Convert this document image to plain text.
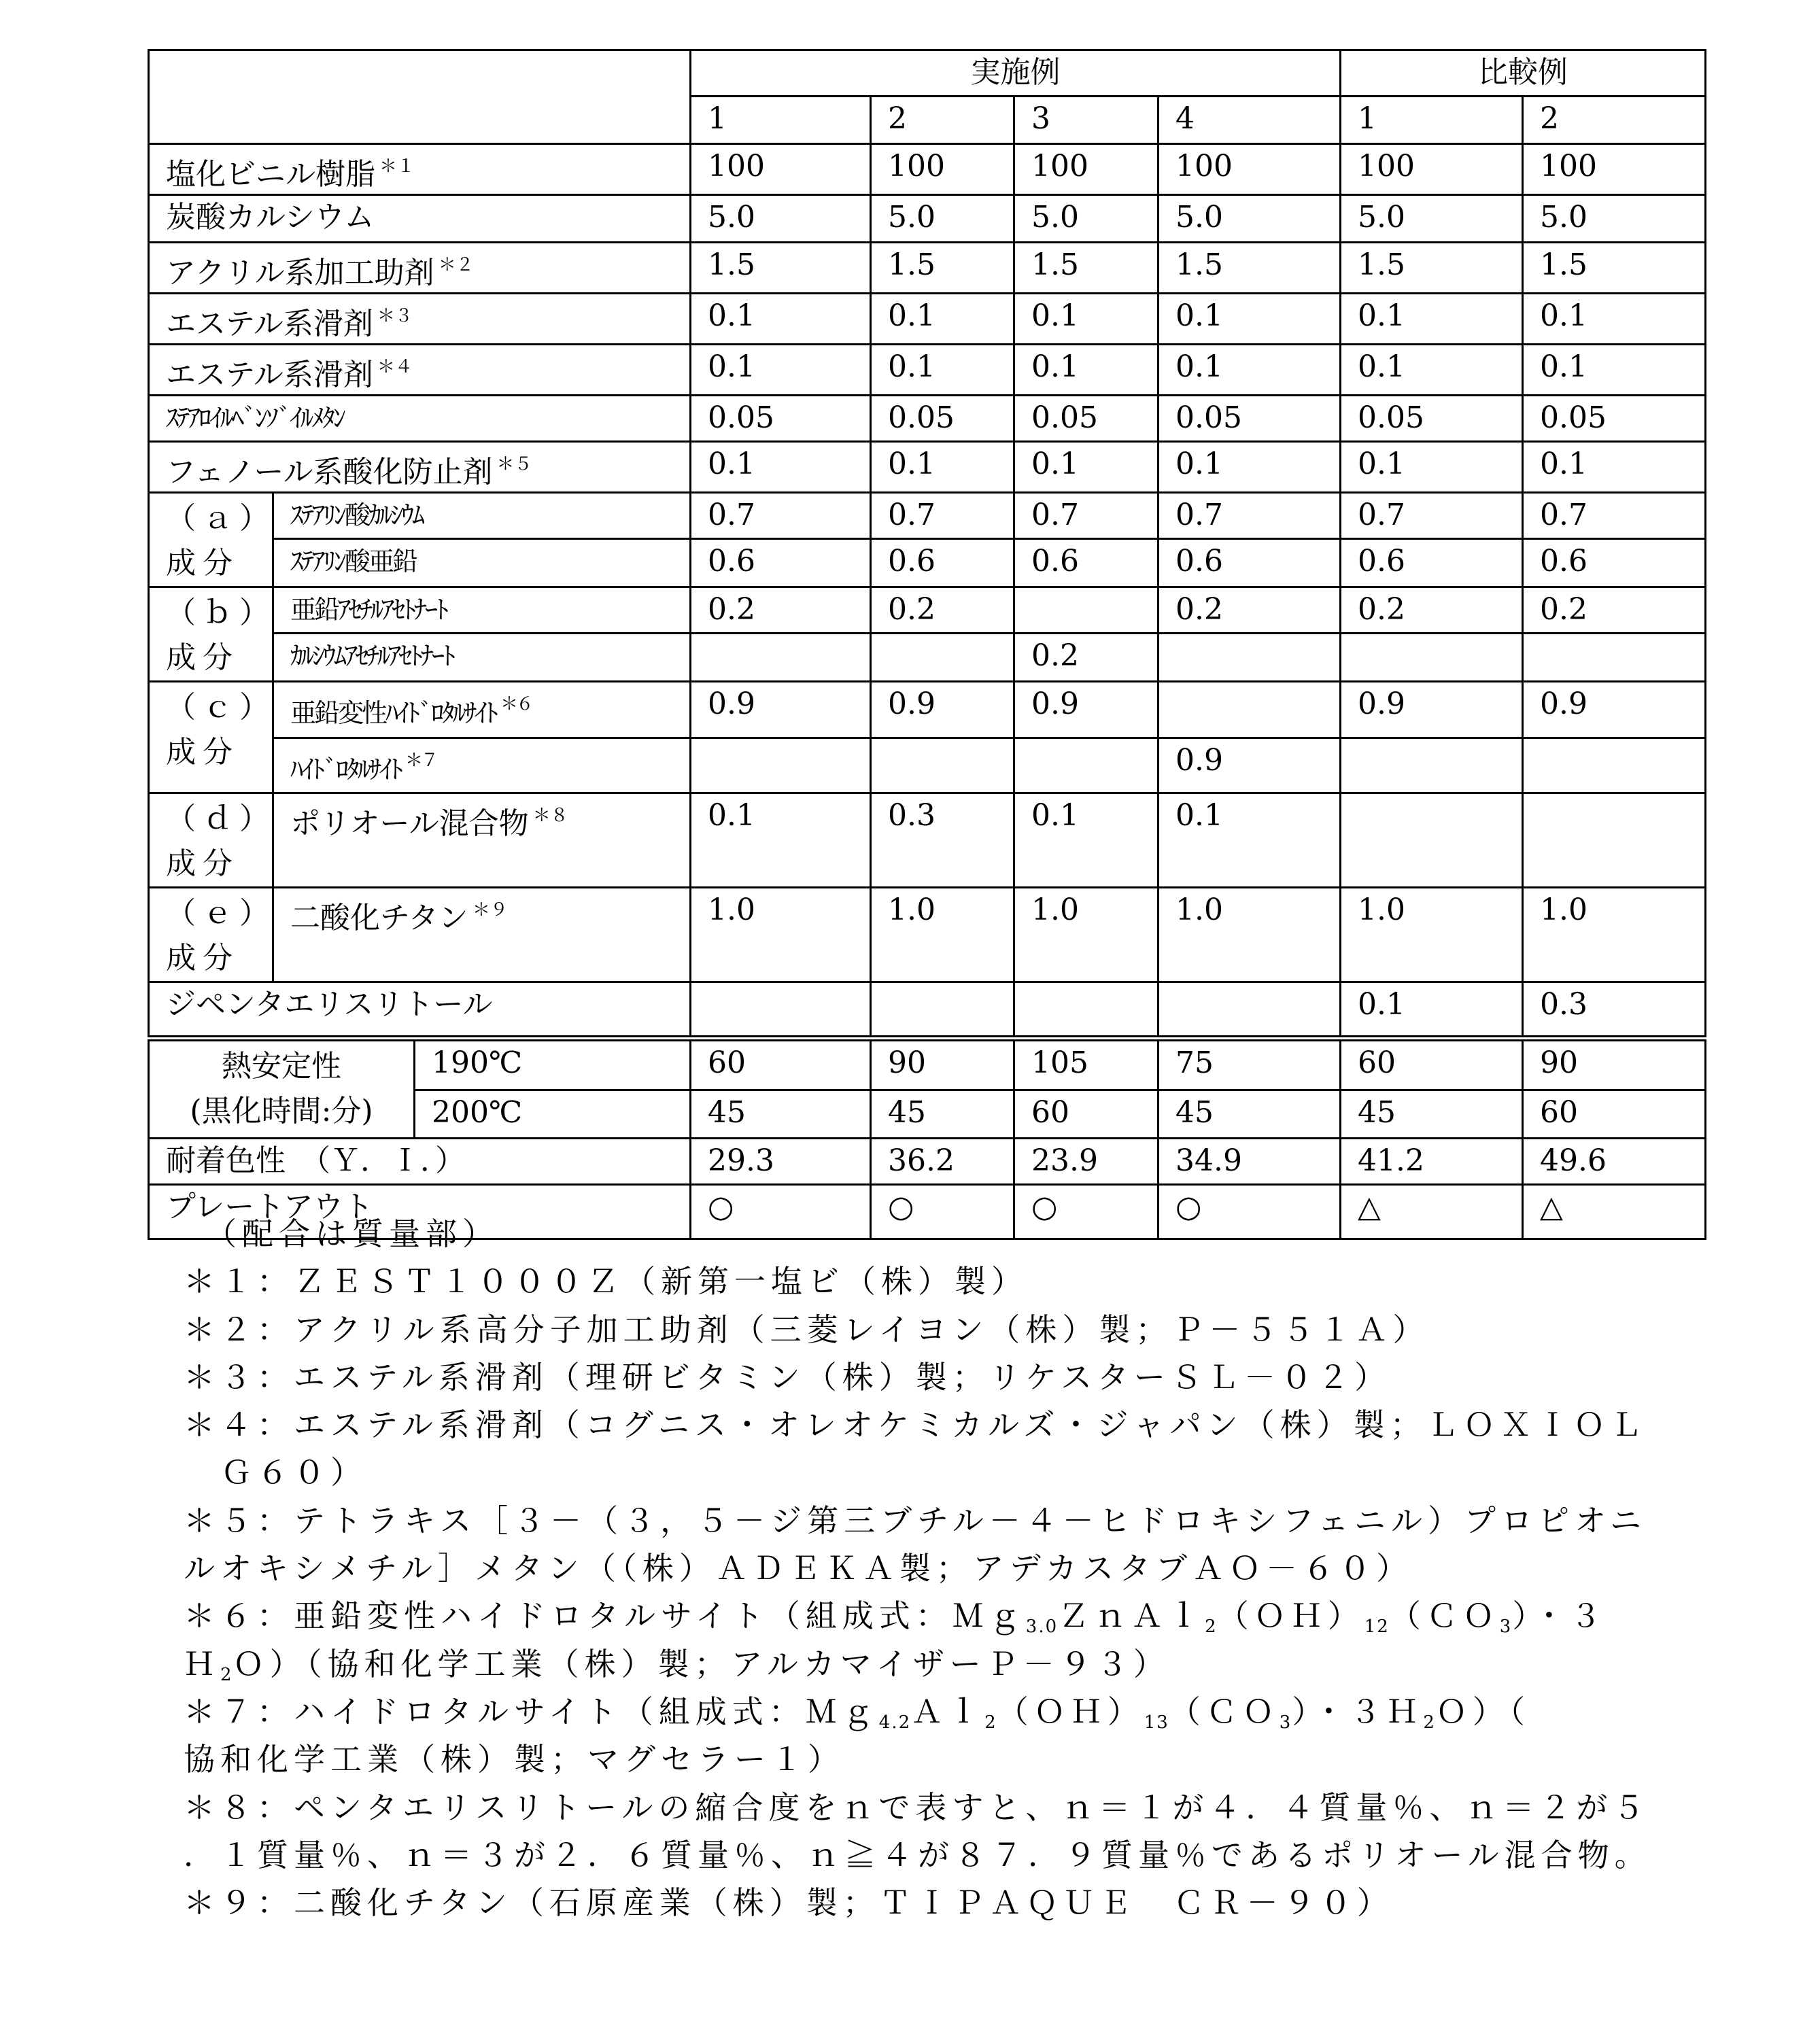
	実施例	比較例
1	2	3	4	1	2
塩化ビニル樹脂 ＊１	100	100	100	100	100	100
炭酸カルシウム	5.0	5.0	5.0	5.0	5.0	5.0
アクリル系加工助剤 ＊２	1.5	1.5	1.5	1.5	1.5	1.5
エステル系滑剤 ＊３	0.1	0.1	0.1	0.1	0.1	0.1
エステル系滑剤 ＊４	0.1	0.1	0.1	0.1	0.1	0.1
ｽﾃｱﾛｲﾙﾍﾞﾝｿﾞｲﾙﾒﾀﾝ	0.05	0.05	0.05	0.05	0.05	0.05
フェノール系酸化防止剤 ＊５	0.1	0.1	0.1	0.1	0.1	0.1
（ａ）
成分	ｽﾃｱﾘﾝ酸ｶﾙｼｳﾑ	0.7	0.7	0.7	0.7	0.7	0.7
ｽﾃｱﾘﾝ酸亜鉛	0.6	0.6	0.6	0.6	0.6	0.6
（ｂ）
成分	亜鉛ｱｾﾁﾙｱｾﾄﾅｰﾄ	0.2	0.2		0.2	0.2	0.2
ｶﾙｼｳﾑｱｾﾁﾙｱｾﾄﾅｰﾄ			0.2			
（ｃ）
成分	亜鉛変性ﾊｲﾄﾞﾛﾀﾙｻｲﾄ ＊６	0.9	0.9	0.9		0.9	0.9
ﾊｲﾄﾞﾛﾀﾙｻｲﾄ ＊７				0.9		
（ｄ）
成分	ポリオール混合物 ＊８	0.1	0.3	0.1	0.1		
（ｅ）
成分	二酸化チタン ＊９	1.0	1.0	1.0	1.0	1.0	1.0
ジペンタエリスリトール					0.1	0.3
熱安定性
(黒化時間:分)	190℃	60	90	105	75	60	90
200℃	45	45	60	45	45	60
耐着色性　（Ｙ．Ｉ．）	29.3	36.2	23.9	34.9	41.2	49.6
プレートアウト	○	○	○	○	△	△
（配合は質量部）
＊１：ＺＥＳＴ１０００Ｚ（新第一塩ビ（株）製）
＊２：アクリル系高分子加工助剤（三菱レイヨン（株）製；Ｐ－５５１Ａ）
＊３：エステル系滑剤（理研ビタミン（株）製；リケスターＳＬ－０２）
＊４：エステル系滑剤（コグニス・オレオケミカルズ・ジャパン（株）製；ＬＯＸＩＯＬ
　Ｇ６０）
＊５：テトラキス［３－（３，５－ジ第三ブチル－４－ヒドロキシフェニル）プロピオニ
ルオキシメチル］メタン（（株）ＡＤＥＫＡ製；アデカスタブＡＯ－６０）
＊６：亜鉛変性ハイドロタルサイト（組成式：Ｍｇ3.0ＺｎＡｌ2（ＯＨ）12（ＣＯ3）・３
Ｈ2Ｏ）（協和化学工業（株）製；アルカマイザーＰ－９３）
＊７：ハイドロタルサイト（組成式：Ｍｇ4.2Ａｌ2（ＯＨ）13（ＣＯ3）・３Ｈ2Ｏ）（
協和化学工業（株）製；マグセラー１）
＊８：ペンタエリスリトールの縮合度をｎで表すと、ｎ＝１が４．４質量％、ｎ＝２が５
．１質量％、ｎ＝３が２．６質量％、ｎ≧４が８７．９質量％であるポリオール混合物。
＊９：二酸化チタン（石原産業（株）製；ＴＩＰＡＱＵＥ　ＣＲ－９０）
